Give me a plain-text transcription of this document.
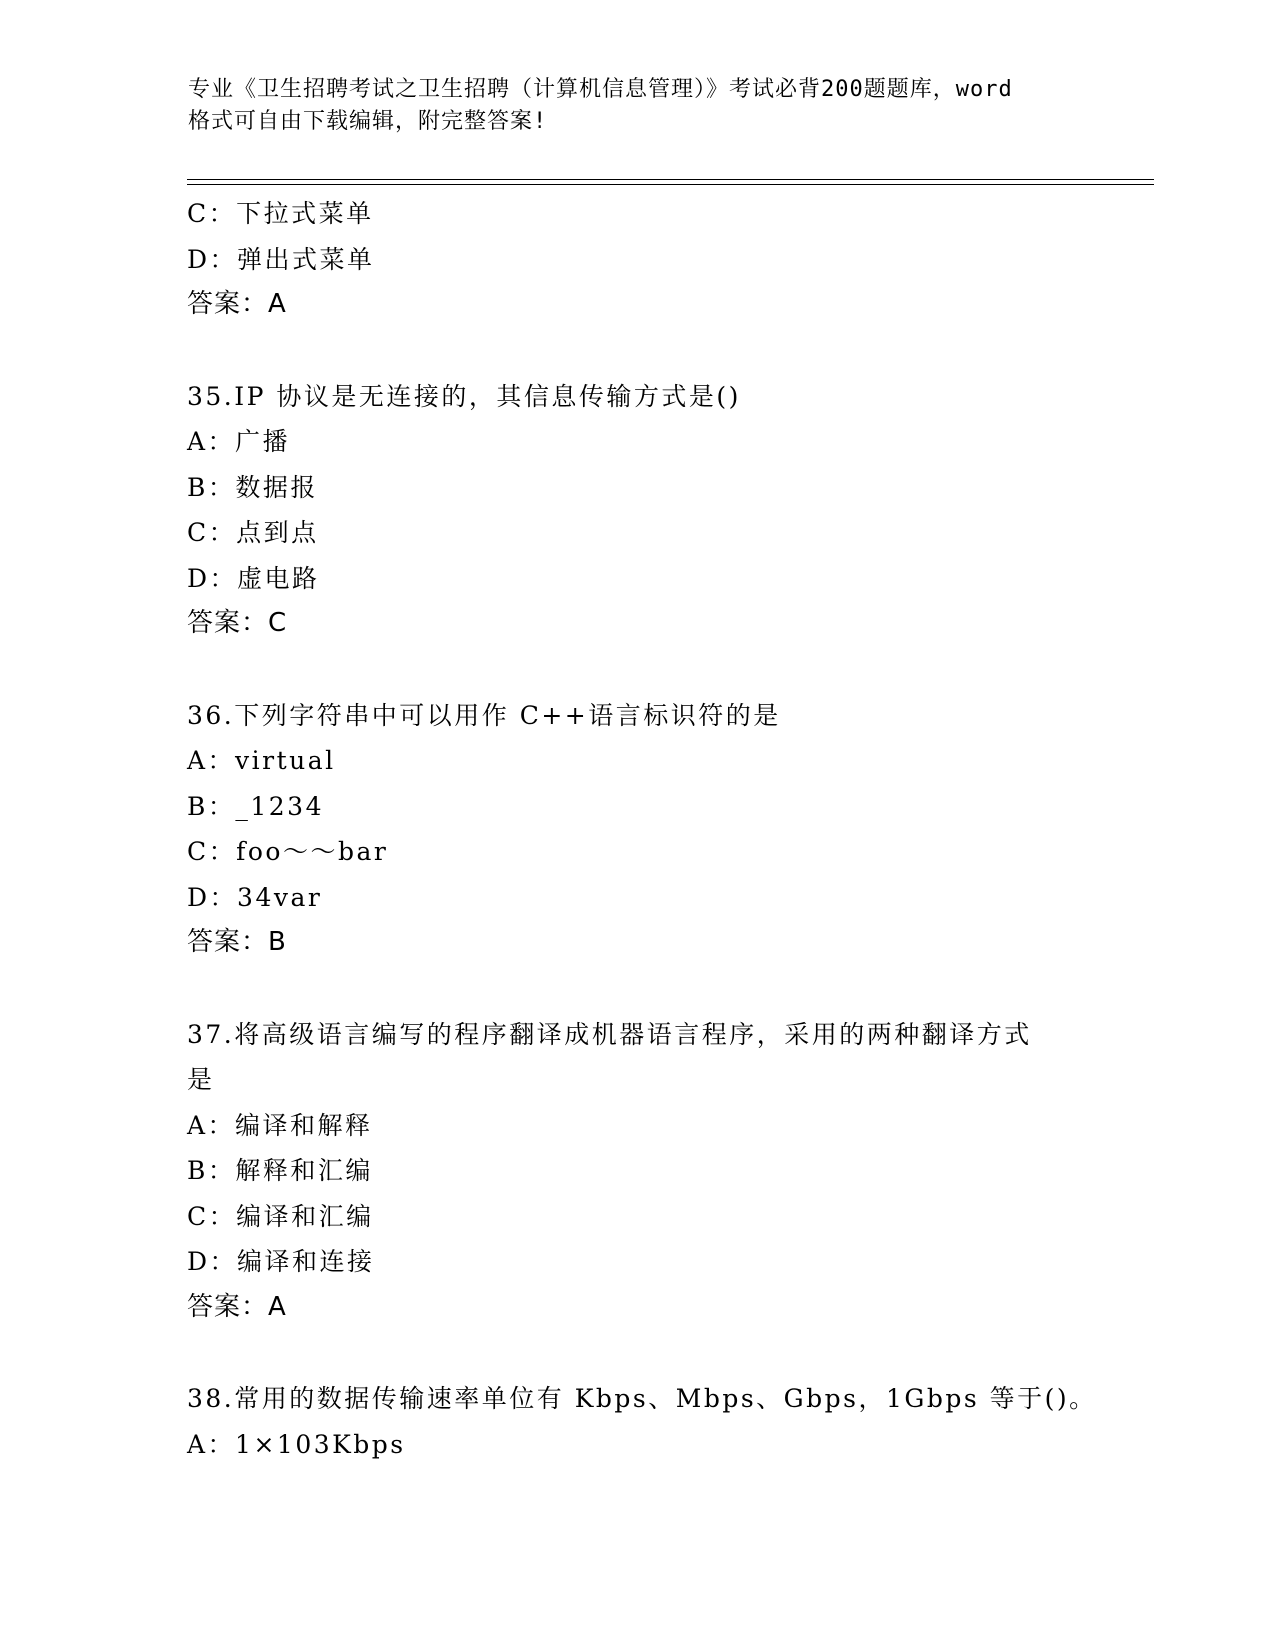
专业《卫生招聘考试之卫生招聘（计算机信息管理）》考试必背200题题库，word
格式可自由下载编辑，附完整答案!
C：下拉式菜单
D：弹出式菜单
答案：A
35.IP 协议是无连接的，其信息传输方式是()
A：广播
B：数据报
C：点到点
D：虚电路
答案：C
36.下列字符串中可以用作 C++语言标识符的是
A：virtual
B：_1234
C：foo～～bar
D：34var
答案：B
37.将高级语言编写的程序翻译成机器语言程序，采用的两种翻译方式
是
A：编译和解释
B：解释和汇编
C：编译和汇编
D：编译和连接
答案：A
38.常用的数据传输速率单位有 Kbps、Mbps、Gbps，1Gbps 等于()。
A：1×103Kbps
